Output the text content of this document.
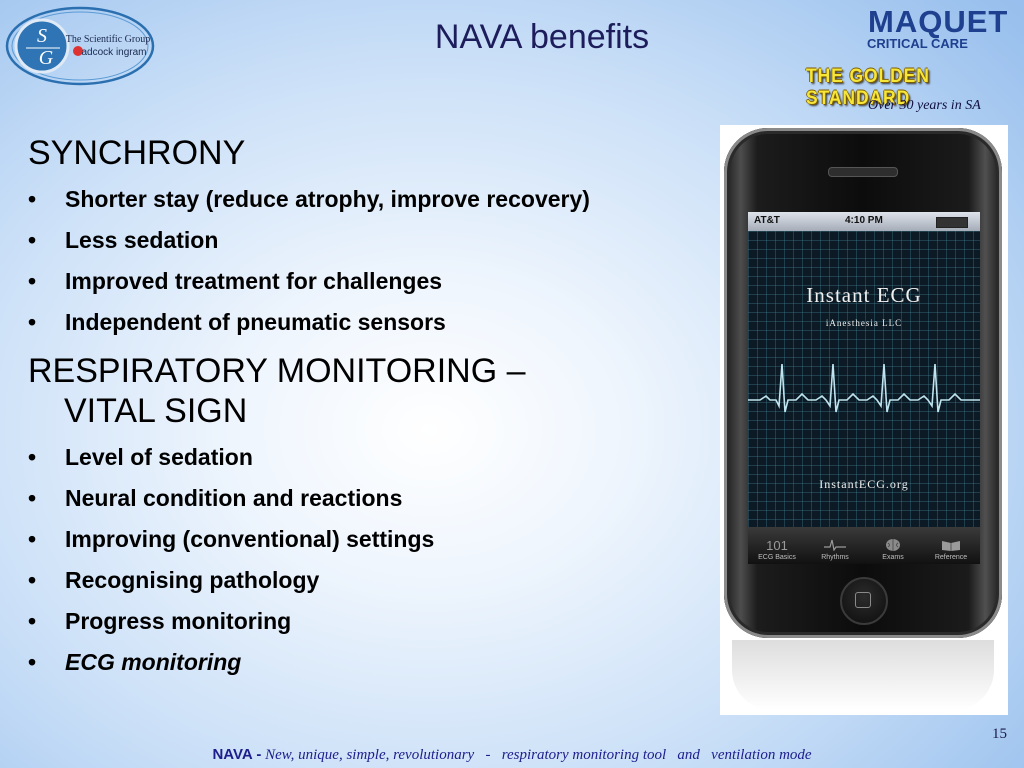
S
G
The Scientific Group
adcock ingram	NAVA benefits	MAQUET
CRITICAL CARE
THE GOLDEN STANDARD
Over 30 years in SA

SYNCHRONY

• Shorter stay (reduce atrophy, improve recovery)
• Less sedation
• Improved treatment for challenges
• Independent of pneumatic sensors

RESPIRATORY MONITORING –
VITAL SIGN

• Level of sedation
• Neural condition and reactions
• Improving (conventional) settings
• Recognising pathology
• Progress monitoring
• ECG monitoring
AT&T	4:10 PM
Instant ECG
iAnesthesia LLC
InstantECG.org
101
ECG Basics	Rhythms	Exams	Reference
15
NAVA - New, unique, simple, revolutionary   -   respiratory monitoring tool   and   ventilation mode
